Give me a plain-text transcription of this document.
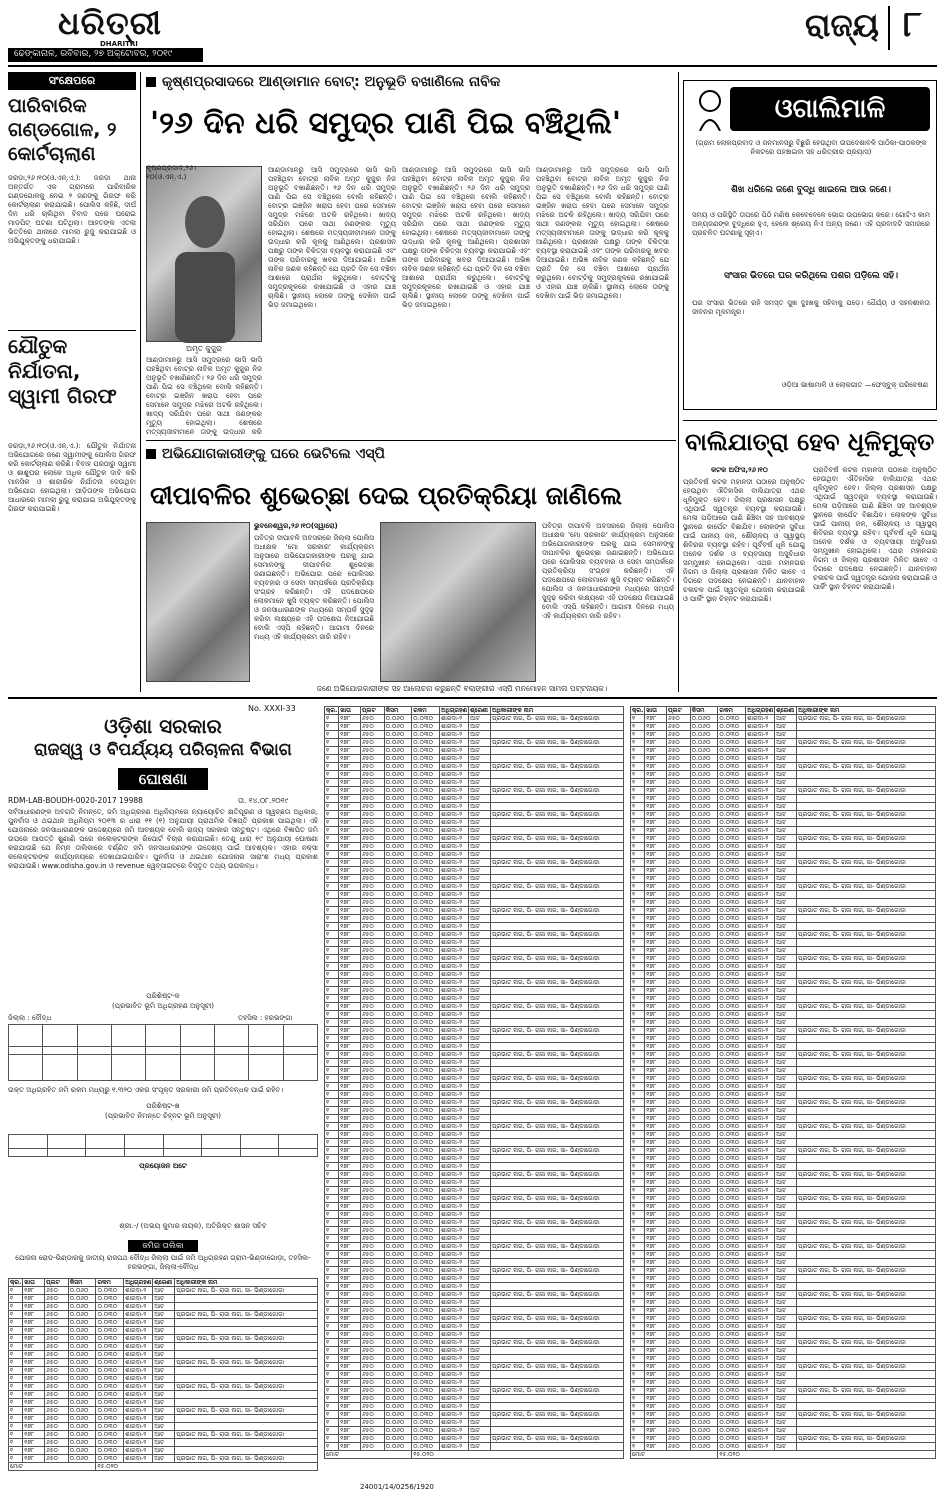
ଧରିତ୍ରୀ
DHARITRI
ଢେଙ୍କାନାଳ, ରବିବାର, ୨୭ ଅକ୍ଟୋବର, ୨୦୧୯
ରାଜ୍ୟ ୮
ସଂକ୍ଷେପରେ
ପାରିବାରିକ ଗଣ୍ଡଗୋଳ, ୨ କୋର୍ଟଚାଲାଣ
ଜରଡ଼ା,୨୬।୧୦(ଓ.ଏନ୍‌.ଏ.): ଜରଡ଼ା ଥାନା ଅନ୍ତର୍ଗତ ଏକ ଗ୍ରାମରେ ପାରିବାରିକ ଗଣ୍ଡଗୋଳକୁ ନେଇ ୨ ଜଣଙ୍କୁ ଗିରଫ କରି କୋର୍ଟଚାଲାଣ କରାଯାଇଛି। ପୋଲିସ କହିଛି, ଦୀର୍ଘ ଦିନ ଧରି ଚାଲିଥିବା ବିବାଦ ପରେ ଘରୋଇ ମାଡ଼ପିଟ୍ ଘଟଣା ଘଟିଥିଲା। ଆହତଙ୍କ ଏତଲା ଭିତ୍ତିରେ ଥାନାରେ ମାମଲା ରୁଜୁ କରାଯାଇଛି ଓ ଅଭିଯୁକ୍ତଙ୍କୁ ଧରାଯାଇଛି।
ଯୌତୁକ ନିର୍ଯାତନା, ସ୍ୱାମୀ ଗିରଫ
ଜରଡ଼ା,୨୬।୧୦(ଓ.ଏନ୍‌.ଏ.): ଯୌତୁକ ନିର୍ଯାତନା ଅଭିଯୋଗରେ ଜଣେ ସ୍ୱାମୀଙ୍କୁ ପୋଲିସ ଗିରଫ କରି କୋର୍ଟଚାଲାଣ କରିଛି। ବିବାହ ପରଠାରୁ ସ୍ୱାମୀ ଓ ଶାଶୁଘର ଲୋକେ ଅଧିକ ଯୌତୁକ ଦାବି କରି ମାନସିକ ଓ ଶାରୀରିକ ନିର୍ଯାତନା ଦେଉଥିବା ଅଭିଯୋଗ ହୋଇଥିଲା। ପୀଡ଼ିତାଙ୍କ ଅଭିଯୋଗ ଆଧାରରେ ମାମଲା ରୁଜୁ କରାଯାଇ ଅଭିଯୁକ୍ତଙ୍କୁ ଗିରଫ କରାଯାଇଛି।
କୃଷ୍ଣପ୍ରସାଦରେ ଆଣ୍ଡାମାନ ବୋଟ୍‌: ଅନୁଭୂତି ବଖାଣିଲେ ନାବିକ
'୨୬ ଦିନ ଧରି ସମୁଦ୍ର ପାଣି ପିଇ ବଞ୍ଚିଥିଲି'
ଅମୃତ କୁଜୁର
ଆଣ୍ଡାମାନରୁ ଆସି ସମୁଦ୍ରରେ ଭାସି ଭାସି ପହଞ୍ଚିଥିବା ବୋଟ୍‌ର ନାବିକ ଅମୃତ କୁଜୁର ନିଜ ଅନୁଭୂତି ବଖାଣିଛନ୍ତି। ୨୬ ଦିନ ଧରି ସମୁଦ୍ର ପାଣି ପିଇ ସେ ବଞ୍ଚିଥିଲେ ବୋଲି କହିଛନ୍ତି। ବୋଟ୍‌ର ଇଞ୍ଜିନ ଖରାପ ହେବା ପରେ ସେମାନେ ସମୁଦ୍ର ମଝିରେ ଅଟକି ରହିଥିଲେ। ଖାଦ୍ୟ ସରିଯିବା ପରେ ସାଥୀ ଜଣଙ୍କର ମୃତ୍ୟୁ ହୋଇଥିଲା। ଶେଷରେ ମତ୍ସ୍ୟଜୀବୀମାନେ ତାଙ୍କୁ ଉଦ୍ଧାର କରି
ଆଣ୍ଡାମାନରୁ ଆସି ସମୁଦ୍ରରେ ଭାସି ଭାସି ପହଞ୍ଚିଥିବା ବୋଟ୍‌ର ନାବିକ ଅମୃତ କୁଜୁର ନିଜ ଅନୁଭୂତି ବଖାଣିଛନ୍ତି। ୨୬ ଦିନ ଧରି ସମୁଦ୍ର ପାଣି ପିଇ ସେ ବଞ୍ଚିଥିଲେ ବୋଲି କହିଛନ୍ତି। ବୋଟ୍‌ର ଇଞ୍ଜିନ ଖରାପ ହେବା ପରେ ସେମାନେ ସମୁଦ୍ର ମଝିରେ ଅଟକି ରହିଥିଲେ। ଖାଦ୍ୟ ସରିଯିବା ପରେ ସାଥୀ ଜଣଙ୍କର ମୃତ୍ୟୁ ହୋଇଥିଲା। ଶେଷରେ ମତ୍ସ୍ୟଜୀବୀମାନେ ତାଙ୍କୁ ଉଦ୍ଧାର କରି କୂଳକୁ ଆଣିଥିଲେ। ପ୍ରଶାସନ ପକ୍ଷରୁ ତାଙ୍କ ଚିକିତ୍ସା ବ୍ୟବସ୍ଥା କରାଯାଇଛି ଏବଂ ତାଙ୍କ ପରିବାରକୁ ଖବର ଦିଆଯାଇଛି। ଅଭିଜ୍ଞ ନାବିକ ଜଣକ କହିଛନ୍ତି ଯେ ପ୍ରତି ଦିନ ସେ ବଞ୍ଚିବା ଆଶାରେ ପ୍ରାର୍ଥନା କରୁଥିଲେ। ବୋଟ୍‌ଟିକୁ ସମୁଦ୍ରକୂଳରେ ରଖାଯାଇଛି ଓ ଏହାର ଯାଞ୍ଚ ଚାଲିଛି। ସ୍ଥାନୀୟ ଲୋକେ ତାଙ୍କୁ ଦେଖିବା ପାଇଁ ଭିଡ଼ ଜମାଇଥିଲେ।
ଆଣ୍ଡାମାନରୁ ଆସି ସମୁଦ୍ରରେ ଭାସି ଭାସି ପହଞ୍ଚିଥିବା ବୋଟ୍‌ର ନାବିକ ଅମୃତ କୁଜୁର ନିଜ ଅନୁଭୂତି ବଖାଣିଛନ୍ତି। ୨୬ ଦିନ ଧରି ସମୁଦ୍ର ପାଣି ପିଇ ସେ ବଞ୍ଚିଥିଲେ ବୋଲି କହିଛନ୍ତି। ବୋଟ୍‌ର ଇଞ୍ଜିନ ଖରାପ ହେବା ପରେ ସେମାନେ ସମୁଦ୍ର ମଝିରେ ଅଟକି ରହିଥିଲେ। ଖାଦ୍ୟ ସରିଯିବା ପରେ ସାଥୀ ଜଣଙ୍କର ମୃତ୍ୟୁ ହୋଇଥିଲା। ଶେଷରେ ମତ୍ସ୍ୟଜୀବୀମାନେ ତାଙ୍କୁ ଉଦ୍ଧାର କରି କୂଳକୁ ଆଣିଥିଲେ। ପ୍ରଶାସନ ପକ୍ଷରୁ ତାଙ୍କ ଚିକିତ୍ସା ବ୍ୟବସ୍ଥା କରାଯାଇଛି ଏବଂ ତାଙ୍କ ପରିବାରକୁ ଖବର ଦିଆଯାଇଛି। ଅଭିଜ୍ଞ ନାବିକ ଜଣକ କହିଛନ୍ତି ଯେ ପ୍ରତି ଦିନ ସେ ବଞ୍ଚିବା ଆଶାରେ ପ୍ରାର୍ଥନା କରୁଥିଲେ। ବୋଟ୍‌ଟିକୁ ସମୁଦ୍ରକୂଳରେ ରଖାଯାଇଛି ଓ ଏହାର ଯାଞ୍ଚ ଚାଲିଛି। ସ୍ଥାନୀୟ ଲୋକେ ତାଙ୍କୁ ଦେଖିବା ପାଇଁ ଭିଡ଼ ଜମାଇଥିଲେ।
ଆଣ୍ଡାମାନରୁ ଆସି ସମୁଦ୍ରରେ ଭାସି ଭାସି ପହଞ୍ଚିଥିବା ବୋଟ୍‌ର ନାବିକ ଅମୃତ କୁଜୁର ନିଜ ଅନୁଭୂତି ବଖାଣିଛନ୍ତି। ୨୬ ଦିନ ଧରି ସମୁଦ୍ର ପାଣି ପିଇ ସେ ବଞ୍ଚିଥିଲେ ବୋଲି କହିଛନ୍ତି। ବୋଟ୍‌ର ଇଞ୍ଜିନ ଖରାପ ହେବା ପରେ ସେମାନେ ସମୁଦ୍ର ମଝିରେ ଅଟକି ରହିଥିଲେ। ଖାଦ୍ୟ ସରିଯିବା ପରେ ସାଥୀ ଜଣଙ୍କର ମୃତ୍ୟୁ ହୋଇଥିଲା। ଶେଷରେ ମତ୍ସ୍ୟଜୀବୀମାନେ ତାଙ୍କୁ ଉଦ୍ଧାର କରି କୂଳକୁ ଆଣିଥିଲେ। ପ୍ରଶାସନ ପକ୍ଷରୁ ତାଙ୍କ ଚିକିତ୍ସା ବ୍ୟବସ୍ଥା କରାଯାଇଛି ଏବଂ ତାଙ୍କ ପରିବାରକୁ ଖବର ଦିଆଯାଇଛି। ଅଭିଜ୍ଞ ନାବିକ ଜଣକ କହିଛନ୍ତି ଯେ ପ୍ରତି ଦିନ ସେ ବଞ୍ଚିବା ଆଶାରେ ପ୍ରାର୍ଥନା କରୁଥିଲେ। ବୋଟ୍‌ଟିକୁ ସମୁଦ୍ରକୂଳରେ ରଖାଯାଇଛି ଓ ଏହାର ଯାଞ୍ଚ ଚାଲିଛି। ସ୍ଥାନୀୟ ଲୋକେ ତାଙ୍କୁ ଦେଖିବା ପାଇଁ ଭିଡ଼ ଜମାଇଥିଲେ।
ଓଗାଲିମାଳି
(ଗ୍ରାମ ଲୋକପ୍ରବାଦ ଓ ଜନମାନସରୁ ବିଛୁରି ହେଉଥିବା ଉପଦେଶାବଳି ପାଠିକା-ପାଠକଙ୍କ ନିକଟରେ ପହଞ୍ଚାଇବା ସହ ଧରିତ୍ରୀର ପ୍ରୟାସ)
ଶିଖ ଧରିଲେ ଜଣେ ବୁଦ୍ଧି ଖାଇଲେ ଆଉ ଜଣେ।
ସମୟ ଓ ପରିସ୍ଥିତି ତାପରେ ପିଠି ମଣିଷ କେବେବେଳେ ଭୋଗ ଉପଭୋଗ କରେ। ଗୋଟିଏ କାମ ଅନ୍ୟଜଣଙ୍କ ବୁଦ୍ଧିରେ ହୁଏ, ହେଲେ ଶ୍ରେୟ ନିଏ ଅନ୍ୟ ଜଣେ। ଏହି ପ୍ରବାଦଟି ସମାଜରେ ପ୍ରଚଳିତ ଘଟଣାକୁ ସୂଚାଏ।
ସଂସାର ଭିତରେ ଘର କରିଥିଲେ ପଶର ପଡ଼ିଲେ ସହି।
ଘର ସଂସାର ଭିତରେ ରହି ସମସ୍ତ ସୁଖ ଦୁଃଖକୁ ସହିବାକୁ ପଡ଼େ। ଧୈର୍ଯ୍ୟ ଓ ସହନଶୀଳତା ଜୀବନର ମୂଳମନ୍ତ୍ର।
ଓଡ଼ିଆ ଭାଷାମାଳି ଓ ଲୋକଗୀତ —ଫେସ୍‌ବୁକ୍‌ ପରିବେଷଣ
ଅଭିଯୋଗକାରୀଙ୍କୁ ଘରେ ଭେଟିଲେ ଏସ୍‌ପି
ଦୀପାବଳିର ଶୁଭେଚ୍ଛା ଦେଇ ପ୍ରତିକ୍ରିୟା ଜାଣିଲେ
ଭୁବନେଶ୍ୱର,୨୬।୧୦(ସ୍ୱାରୋ)
ପବିତ୍ର ଦୀପାବଳି ଅବସରରେ ଜିଲ୍ଲା ପୋଲିସ ଅଧୀକ୍ଷକ 'ମୋ ସରକାର' କାର୍ଯ୍ୟକ୍ରମ ଅନୁସାରେ ଅଭିଯୋଗକାରୀଙ୍କ ଘରକୁ ଯାଇ ସେମାନଙ୍କୁ ଦୀପାବଳିର ଶୁଭେଚ୍ଛା ଜଣାଇଛନ୍ତି। ଅଭିଯୋଗ ପରେ ପୋଲିସର ବ୍ୟବହାର ଓ ସେବା ସମ୍ପର୍କରେ ପ୍ରତିକ୍ରିୟା ସଂଗ୍ରହ କରିଛନ୍ତି। ଏହି ପଦକ୍ଷେପରେ ଲୋକମାନେ ଖୁସି ବ୍ୟକ୍ତ କରିଛନ୍ତି। ପୋଲିସ ଓ ଜନସାଧାରଣଙ୍କ ମଧ୍ୟରେ ସମ୍ପର୍କ ସୁଦୃଢ଼ କରିବା ଲକ୍ଷ୍ୟରେ ଏହି ପଦକ୍ଷେପ ନିଆଯାଇଛି ବୋଲି ଏସ୍‌ପି କହିଛନ୍ତି। ଆଗାମୀ ଦିନରେ ମଧ୍ୟ ଏହି କାର୍ଯ୍ୟକ୍ରମ ଜାରି ରହିବ।
ପବିତ୍ର ଦୀପାବଳି ଅବସରରେ ଜିଲ୍ଲା ପୋଲିସ ଅଧୀକ୍ଷକ 'ମୋ ସରକାର' କାର୍ଯ୍ୟକ୍ରମ ଅନୁସାରେ ଅଭିଯୋଗକାରୀଙ୍କ ଘରକୁ ଯାଇ ସେମାନଙ୍କୁ ଦୀପାବଳିର ଶୁଭେଚ୍ଛା ଜଣାଇଛନ୍ତି। ଅଭିଯୋଗ ପରେ ପୋଲିସର ବ୍ୟବହାର ଓ ସେବା ସମ୍ପର୍କରେ ପ୍ରତିକ୍ରିୟା ସଂଗ୍ରହ କରିଛନ୍ତି। ଏହି ପଦକ୍ଷେପରେ ଲୋକମାନେ ଖୁସି ବ୍ୟକ୍ତ କରିଛନ୍ତି। ପୋଲିସ ଓ ଜନସାଧାରଣଙ୍କ ମଧ୍ୟରେ ସମ୍ପର୍କ ସୁଦୃଢ଼ କରିବା ଲକ୍ଷ୍ୟରେ ଏହି ପଦକ୍ଷେପ ନିଆଯାଇଛି ବୋଲି ଏସ୍‌ପି କହିଛନ୍ତି। ଆଗାମୀ ଦିନରେ ମଧ୍ୟ ଏହି କାର୍ଯ୍ୟକ୍ରମ ଜାରି ରହିବ।
ଜଣେ ଅଭିଯୋଗକାରୀଙ୍କ ସହ ଆଲୋଚନା କରୁଛନ୍ତି ବଲାଙ୍ଗୀର ଏସ୍‌ପି ମନମୋହନ ସାମଲ ପଟ୍ଟନାୟକ।
ବାଲିଯାତ୍ରା ହେବ ଧୂଳିମୁକ୍ତ
କଟକ ଅଫିସ,୨୬।୧୦
ପ୍ରତିବର୍ଷ କଟକ ମହାନଦୀ ପଠାରେ ଅନୁଷ୍ଠିତ ହେଉଥିବା ଐତିହାସିକ ବାଲିଯାତ୍ରା ଏଥର ଧୂଳିମୁକ୍ତ ହେବ। ଜିଲ୍ଲା ପ୍ରଶାସନ ପକ୍ଷରୁ ଏଥିପାଇଁ ସ୍ୱତନ୍ତ୍ର ବ୍ୟବସ୍ଥା କରାଯାଉଛି। ମେଳା ପଡ଼ିଆରେ ପାଣି ଛିଞ୍ଚିବା ସହ ଆବଶ୍ୟକ ସ୍ଥାନରେ କାର୍ପେଟ ବିଛାଯିବ। ଲୋକଙ୍କ ସୁବିଧା ପାଇଁ ପାନୀୟ ଜଳ, ଶୌଚାଳୟ ଓ ସ୍ୱାସ୍ଥ୍ୟ ଶିବିରର ବ୍ୟବସ୍ଥା ରହିବ। ପୂର୍ବବର୍ଷ ଧୂଳି ଯୋଗୁ ଅନେକ ଦର୍ଶକ ଓ ବ୍ୟବସାୟୀ ଅସୁବିଧାର ସମ୍ମୁଖୀନ ହୋଇଥିଲେ। ଏଥର ମହାନଗର ନିଗମ ଓ ଜିଲ୍ଲା ପ୍ରଶାସନ ମିଳିତ ଭାବେ ଏ ଦିଗରେ ପଦକ୍ଷେପ ନେଇଛନ୍ତି। ଯାନବାହାନ ଚଳାଚଳ ପାଇଁ ସ୍ୱତନ୍ତ୍ର ଯୋଜନା କରାଯାଇଛି ଓ ପାର୍କିଂ ସ୍ଥାନ ଚିହ୍ନଟ କରାଯାଇଛି।
ପ୍ରତିବର୍ଷ କଟକ ମହାନଦୀ ପଠାରେ ଅନୁଷ୍ଠିତ ହେଉଥିବା ଐତିହାସିକ ବାଲିଯାତ୍ରା ଏଥର ଧୂଳିମୁକ୍ତ ହେବ। ଜିଲ୍ଲା ପ୍ରଶାସନ ପକ୍ଷରୁ ଏଥିପାଇଁ ସ୍ୱତନ୍ତ୍ର ବ୍ୟବସ୍ଥା କରାଯାଉଛି। ମେଳା ପଡ଼ିଆରେ ପାଣି ଛିଞ୍ଚିବା ସହ ଆବଶ୍ୟକ ସ୍ଥାନରେ କାର୍ପେଟ ବିଛାଯିବ। ଲୋକଙ୍କ ସୁବିଧା ପାଇଁ ପାନୀୟ ଜଳ, ଶୌଚାଳୟ ଓ ସ୍ୱାସ୍ଥ୍ୟ ଶିବିରର ବ୍ୟବସ୍ଥା ରହିବ। ପୂର୍ବବର୍ଷ ଧୂଳି ଯୋଗୁ ଅନେକ ଦର୍ଶକ ଓ ବ୍ୟବସାୟୀ ଅସୁବିଧାର ସମ୍ମୁଖୀନ ହୋଇଥିଲେ। ଏଥର ମହାନଗର ନିଗମ ଓ ଜିଲ୍ଲା ପ୍ରଶାସନ ମିଳିତ ଭାବେ ଏ ଦିଗରେ ପଦକ୍ଷେପ ନେଇଛନ୍ତି। ଯାନବାହାନ ଚଳାଚଳ ପାଇଁ ସ୍ୱତନ୍ତ୍ର ଯୋଜନା କରାଯାଇଛି ଓ ପାର୍କିଂ ସ୍ଥାନ ଚିହ୍ନଟ କରାଯାଇଛି।
No. XXXI-33
ଓଡ଼ିଶା ସରକାର
ରାଜସ୍ୱ ଓ ବିପର୍ଯ୍ୟୟ ପରିଚାଳନା ବିଭାଗ
ଘୋଷଣା
RDM-LAB-BOUDH-0020-2017 19988	ତା. ୧୪.୦୮.୨୦୧୯
ସର୍ବସାଧାରଣଙ୍କ ଅବଗତି ନିମନ୍ତେ, ଜମି ଅଧିଗ୍ରହଣ ଅଧିନିୟମରେ ନ୍ୟାୟୋଚିତ କ୍ଷତିପୂରଣ ଓ ସ୍ୱଚ୍ଛତା ଅଧିକାର, ପୁନର୍ବାସ ଓ ଥଇଥାନ ଅଧିନିୟମ ୨୦୧୩ ର ଧାରା ୧୧ (୧) ଅନୁଯାୟୀ ପ୍ରାଥମିକ ବିଜ୍ଞପ୍ତି ପ୍ରକାଶ ପାଇଥିଲା। ଏହି ଯୋଜନାରେ ଜନସାଧାରଣଙ୍କ ଉଦ୍ଦେଶ୍ୟରେ ଜମି ଆବଶ୍ୟକ ବୋଲି ରାଜ୍ୟ ସରକାର ସନ୍ତୁଷ୍ଟ। ଏଥିରେ ବିଜ୍ଞାପିତ ଜମି ଉପରେ ଆପତ୍ତି ଶୁଣାଣି ପରେ କଲେକ୍ଟରଙ୍କ ରିପୋର୍ଟ ବିଚାର କରାଯାଇଛି। ତେଣୁ ଧାରା ୧୯ ଅନୁଯାୟୀ ଘୋଷଣା କରାଯାଉଛି ଯେ ନିମ୍ନ ତାଲିକାରେ ବର୍ଣ୍ଣିତ ଜମି ଜନସାଧାରଣଙ୍କ ଉଦ୍ଦେଶ୍ୟ ପାଇଁ ଆବଶ୍ୟକ। ଏହାର ନକ୍‌ସା କଲେକ୍ଟରଙ୍କ କାର୍ଯ୍ୟାଳୟରେ ଦେଖାଯାଇପାରିବ। ପୁନର୍ବାସ ଓ ଥଇଥାନ ଯୋଜନାର ସାରାଂଶ ମଧ୍ୟ ପ୍ରକାଶ କରାଯାଉଛି। www.odisha.gov.in ଓ revenue ୱେବ୍‌ସାଇଟ୍‌ରେ ବିସ୍ତୃତ ତଥ୍ୟ ଉପଲବ୍ଧ।
ପରିଶିଷ୍ଟ-କ
(ପ୍ରଭାବିତ ଭୂମି ଅଧିଗ୍ରହଣ ଅନୁସୂଚୀ)
ଜିଲ୍ଲା : ବୌଦ୍ଧ	ତହସିଲ : ହରଭଙ୍ଗା

ଉକ୍ତ ଅଧିଗ୍ରହିତ ଜମି ରକମ ମଧ୍ୟରୁ ୧.୩୨୦ ଏକର ସଂପୃକ୍ତ ସରକାରୀ ଜମି ପ୍ରତିବନ୍ଧକ ପାଇଁ ରହିବ।
ପରିଶିଷ୍ଟ-ଖ
(ପ୍ରଭାବିତ ନିମନ୍ତେ ଚିହ୍ନଟ ଭୂମି ଅନୁସୂଚୀ)

ପ୍ରୟୋଜନ ଅଟେ
ଶ୍ରୀ.-/ (ଅଭୟ କୁମାର ନାୟକ), ଅତିରିକ୍ତ ଶାସନ ସଚିବ
ଜମିର ତାଲିକା
ଯୋଜନା ରୋଡ-ଭିଣ୍ଡାରକୁ ଜାତୀୟ ରାଜପଥ ବୌଦ୍ଧ ଜିଲ୍ଲା ପାଇଁ ଜମି ଅଧିଗ୍ରହଣ ଗ୍ରାମ-ଭିଣ୍ଡାଗୋଡ଼ା, ତହସିଲ-ହରଭଙ୍ଗା, ଜିଲ୍ଲା-ବୌଦ୍ଧ
କ୍ର.	ଖାତା	ପ୍ଲଟ	କିସମ	ରକମ	ଅଧିଗ୍ରହଣ	ଶ୍ରେଣୀ	ଅଧିକାରୀଙ୍କ ନାମ
୧	୧୭୮	୬୫୦	୦.୦୬୦	୦.୦୩୦	ଶାରଦା-୨	ଆଟ	ପ୍ରଭାତ ନାଗ, ପି- ରାଜା ନାଗ, ସା- ଭିଣ୍ଡାଗୋଡ଼ା
୧	୧୭୮	୬୫୦	୦.୦୬୦	୦.୦୩୦	ଶାରଦା-୨	ଆଟ	
୧	୧୭୮	୬୫୦	୦.୦୬୦	୦.୦୩୦	ଶାରଦା-୨	ଆଟ	
୧	୧୭୮	୬୫୦	୦.୦୬୦	୦.୦୩୦	ଶାରଦା-୨	ଆଟ	ପ୍ରଭାତ ନାଗ, ପି- ରାଜା ନାଗ, ସା- ଭିଣ୍ଡାଗୋଡ଼ା
୧	୧୭୮	୬୫୦	୦.୦୬୦	୦.୦୩୦	ଶାରଦା-୨	ଆଟ	
୧	୧୭୮	୬୫୦	୦.୦୬୦	୦.୦୩୦	ଶାରଦା-୨	ଆଟ	
୧	୧୭୮	୬୫୦	୦.୦୬୦	୦.୦୩୦	ଶାରଦା-୨	ଆଟ	ପ୍ରଭାତ ନାଗ, ପି- ରାଜା ନାଗ, ସା- ଭିଣ୍ଡାଗୋଡ଼ା
୧	୧୭୮	୬୫୦	୦.୦୬୦	୦.୦୩୦	ଶାରଦା-୨	ଆଟ	
୧	୧୭୮	୬୫୦	୦.୦୬୦	୦.୦୩୦	ଶାରଦା-୨	ଆଟ	
୧	୧୭୮	୬୫୦	୦.୦୬୦	୦.୦୩୦	ଶାରଦା-୨	ଆଟ	ପ୍ରଭାତ ନାଗ, ପି- ରାଜା ନାଗ, ସା- ଭିଣ୍ଡାଗୋଡ଼ା
୧	୧୭୮	୬୫୦	୦.୦୬୦	୦.୦୩୦	ଶାରଦା-୨	ଆଟ	
୧	୧୭୮	୬୫୦	୦.୦୬୦	୦.୦୩୦	ଶାରଦା-୨	ଆଟ	
୧	୧୭୮	୬୫୦	୦.୦୬୦	୦.୦୩୦	ଶାରଦା-୨	ଆଟ	ପ୍ରଭାତ ନାଗ, ପି- ରାଜା ନାଗ, ସା- ଭିଣ୍ଡାଗୋଡ଼ା
୧	୧୭୮	୬୫୦	୦.୦୬୦	୦.୦୩୦	ଶାରଦା-୨	ଆଟ	
୧	୧୭୮	୬୫୦	୦.୦୬୦	୦.୦୩୦	ଶାରଦା-୨	ଆଟ	
୧	୧୭୮	୬୫୦	୦.୦୬୦	୦.୦୩୦	ଶାରଦା-୨	ଆଟ	ପ୍ରଭାତ ନାଗ, ପି- ରାଜା ନାଗ, ସା- ଭିଣ୍ଡାଗୋଡ଼ା
୧	୧୭୮	୬୫୦	୦.୦୬୦	୦.୦୩୦	ଶାରଦା-୨	ଆଟ	
୧	୧୭୮	୬୫୦	୦.୦୬୦	୦.୦୩୦	ଶାରଦା-୨	ଆଟ	
୧	୧୭୮	୬୫୦	୦.୦୬୦	୦.୦୩୦	ଶାରଦା-୨	ଆଟ	ପ୍ରଭାତ ନାଗ, ପି- ରାଜା ନାଗ, ସା- ଭିଣ୍ଡାଗୋଡ଼ା
୧	୧୭୮	୬୫୦	୦.୦୬୦	୦.୦୩୦	ଶାରଦା-୨	ଆଟ	
୧	୧୭୮	୬୫୦	୦.୦୬୦	୦.୦୩୦	ଶାରଦା-୨	ଆଟ	
୧	୧୭୮	୬୫୦	୦.୦୬୦	୦.୦୩୦	ଶାରଦା-୨	ଆଟ	ପ୍ରଭାତ ନାଗ, ପି- ରାଜା ନାଗ, ସା- ଭିଣ୍ଡାଗୋଡ଼ା
ମୋଟ				୧୫.୦୨୦			
କ୍ର.	ଖାତା	ପ୍ଲଟ	କିସମ	ରକମ	ଅଧିଗ୍ରହଣ	ଶ୍ରେଣୀ	ଅଧିକାରୀଙ୍କ ନାମ
୧	୧୭୮	୬୫୦	୦.୦୬୦	୦.୦୩୦	ଶାରଦା-୨	ଆଟ	ପ୍ରଭାତ ନାଗ, ପି- ରାଜା ନାଗ, ସା- ଭିଣ୍ଡାଗୋଡ଼ା
୧	୧୭୮	୬୫୦	୦.୦୬୦	୦.୦୩୦	ଶାରଦା-୨	ଆଟ	
୧	୧୭୮	୬୫୦	୦.୦୬୦	୦.୦୩୦	ଶାରଦା-୨	ଆଟ	
୧	୧୭୮	୬୫୦	୦.୦୬୦	୦.୦୩୦	ଶାରଦା-୨	ଆଟ	ପ୍ରଭାତ ନାଗ, ପି- ରାଜା ନାଗ, ସା- ଭିଣ୍ଡାଗୋଡ଼ା
୧	୧୭୮	୬୫୦	୦.୦୬୦	୦.୦୩୦	ଶାରଦା-୨	ଆଟ	
୧	୧୭୮	୬୫୦	୦.୦୬୦	୦.୦୩୦	ଶାରଦା-୨	ଆଟ	
୧	୧୭୮	୬୫୦	୦.୦୬୦	୦.୦୩୦	ଶାରଦା-୨	ଆଟ	ପ୍ରଭାତ ନାଗ, ପି- ରାଜା ନାଗ, ସା- ଭିଣ୍ଡାଗୋଡ଼ା
୧	୧୭୮	୬୫୦	୦.୦୬୦	୦.୦୩୦	ଶାରଦା-୨	ଆଟ	
୧	୧୭୮	୬୫୦	୦.୦୬୦	୦.୦୩୦	ଶାରଦା-୨	ଆଟ	
୧	୧୭୮	୬୫୦	୦.୦୬୦	୦.୦୩୦	ଶାରଦା-୨	ଆଟ	ପ୍ରଭାତ ନାଗ, ପି- ରାଜା ନାଗ, ସା- ଭିଣ୍ଡାଗୋଡ଼ା
୧	୧୭୮	୬୫୦	୦.୦୬୦	୦.୦୩୦	ଶାରଦା-୨	ଆଟ	
୧	୧୭୮	୬୫୦	୦.୦୬୦	୦.୦୩୦	ଶାରଦା-୨	ଆଟ	
୧	୧୭୮	୬୫୦	୦.୦୬୦	୦.୦୩୦	ଶାରଦା-୨	ଆଟ	ପ୍ରଭାତ ନାଗ, ପି- ରାଜା ନାଗ, ସା- ଭିଣ୍ଡାଗୋଡ଼ା
୧	୧୭୮	୬୫୦	୦.୦୬୦	୦.୦୩୦	ଶାରଦା-୨	ଆଟ	
୧	୧୭୮	୬୫୦	୦.୦୬୦	୦.୦୩୦	ଶାରଦା-୨	ଆଟ	
୧	୧୭୮	୬୫୦	୦.୦୬୦	୦.୦୩୦	ଶାରଦା-୨	ଆଟ	ପ୍ରଭାତ ନାଗ, ପି- ରାଜା ନାଗ, ସା- ଭିଣ୍ଡାଗୋଡ଼ା
୧	୧୭୮	୬୫୦	୦.୦୬୦	୦.୦୩୦	ଶାରଦା-୨	ଆଟ	
୧	୧୭୮	୬୫୦	୦.୦୬୦	୦.୦୩୦	ଶାରଦା-୨	ଆଟ	
୧	୧୭୮	୬୫୦	୦.୦୬୦	୦.୦୩୦	ଶାରଦା-୨	ଆଟ	ପ୍ରଭାତ ନାଗ, ପି- ରାଜା ନାଗ, ସା- ଭିଣ୍ଡାଗୋଡ଼ା
୧	୧୭୮	୬୫୦	୦.୦୬୦	୦.୦୩୦	ଶାରଦା-୨	ଆଟ	
୧	୧୭୮	୬୫୦	୦.୦୬୦	୦.୦୩୦	ଶାରଦା-୨	ଆଟ	
୧	୧୭୮	୬୫୦	୦.୦୬୦	୦.୦୩୦	ଶାରଦା-୨	ଆଟ	ପ୍ରଭାତ ନାଗ, ପି- ରାଜା ନାଗ, ସା- ଭିଣ୍ଡାଗୋଡ଼ା
୧	୧୭୮	୬୫୦	୦.୦୬୦	୦.୦୩୦	ଶାରଦା-୨	ଆଟ	
୧	୧୭୮	୬୫୦	୦.୦୬୦	୦.୦୩୦	ଶାରଦା-୨	ଆଟ	
୧	୧୭୮	୬୫୦	୦.୦୬୦	୦.୦୩୦	ଶାରଦା-୨	ଆଟ	ପ୍ରଭାତ ନାଗ, ପି- ରାଜା ନାଗ, ସା- ଭିଣ୍ଡାଗୋଡ଼ା
୧	୧୭୮	୬୫୦	୦.୦୬୦	୦.୦୩୦	ଶାରଦା-୨	ଆଟ	
୧	୧୭୮	୬୫୦	୦.୦୬୦	୦.୦୩୦	ଶାରଦା-୨	ଆଟ	
୧	୧୭୮	୬୫୦	୦.୦୬୦	୦.୦୩୦	ଶାରଦା-୨	ଆଟ	ପ୍ରଭାତ ନାଗ, ପି- ରାଜା ନାଗ, ସା- ଭିଣ୍ଡାଗୋଡ଼ା
୧	୧୭୮	୬୫୦	୦.୦୬୦	୦.୦୩୦	ଶାରଦା-୨	ଆଟ	
୧	୧୭୮	୬୫୦	୦.୦୬୦	୦.୦୩୦	ଶାରଦା-୨	ଆଟ	
୧	୧୭୮	୬୫୦	୦.୦୬୦	୦.୦୩୦	ଶାରଦା-୨	ଆଟ	ପ୍ରଭାତ ନାଗ, ପି- ରାଜା ନାଗ, ସା- ଭିଣ୍ଡାଗୋଡ଼ା
୧	୧୭୮	୬୫୦	୦.୦୬୦	୦.୦୩୦	ଶାରଦା-୨	ଆଟ	
୧	୧୭୮	୬୫୦	୦.୦୬୦	୦.୦୩୦	ଶାରଦା-୨	ଆଟ	
୧	୧୭୮	୬୫୦	୦.୦୬୦	୦.୦୩୦	ଶାରଦା-୨	ଆଟ	ପ୍ରଭାତ ନାଗ, ପି- ରାଜା ନାଗ, ସା- ଭିଣ୍ଡାଗୋଡ଼ା
୧	୧୭୮	୬୫୦	୦.୦୬୦	୦.୦୩୦	ଶାରଦା-୨	ଆଟ	
୧	୧୭୮	୬୫୦	୦.୦୬୦	୦.୦୩୦	ଶାରଦା-୨	ଆଟ	
୧	୧୭୮	୬୫୦	୦.୦୬୦	୦.୦୩୦	ଶାରଦା-୨	ଆଟ	ପ୍ରଭାତ ନାଗ, ପି- ରାଜା ନାଗ, ସା- ଭିଣ୍ଡାଗୋଡ଼ା
୧	୧୭୮	୬୫୦	୦.୦୬୦	୦.୦୩୦	ଶାରଦା-୨	ଆଟ	
୧	୧୭୮	୬୫୦	୦.୦୬୦	୦.୦୩୦	ଶାରଦା-୨	ଆଟ	
୧	୧୭୮	୬୫୦	୦.୦୬୦	୦.୦୩୦	ଶାରଦା-୨	ଆଟ	ପ୍ରଭାତ ନାଗ, ପି- ରାଜା ନାଗ, ସା- ଭିଣ୍ଡାଗୋଡ଼ା
୧	୧୭୮	୬୫୦	୦.୦୬୦	୦.୦୩୦	ଶାରଦା-୨	ଆଟ	
୧	୧୭୮	୬୫୦	୦.୦୬୦	୦.୦୩୦	ଶାରଦା-୨	ଆଟ	
୧	୧୭୮	୬୫୦	୦.୦୬୦	୦.୦୩୦	ଶାରଦା-୨	ଆଟ	ପ୍ରଭାତ ନାଗ, ପି- ରାଜା ନାଗ, ସା- ଭିଣ୍ଡାଗୋଡ଼ା
୧	୧୭୮	୬୫୦	୦.୦୬୦	୦.୦୩୦	ଶାରଦା-୨	ଆଟ	
୧	୧୭୮	୬୫୦	୦.୦୬୦	୦.୦୩୦	ଶାରଦା-୨	ଆଟ	
୧	୧୭୮	୬୫୦	୦.୦୬୦	୦.୦୩୦	ଶାରଦା-୨	ଆଟ	ପ୍ରଭାତ ନାଗ, ପି- ରାଜା ନାଗ, ସା- ଭିଣ୍ଡାଗୋଡ଼ା
୧	୧୭୮	୬୫୦	୦.୦୬୦	୦.୦୩୦	ଶାରଦା-୨	ଆଟ	
୧	୧୭୮	୬୫୦	୦.୦୬୦	୦.୦୩୦	ଶାରଦା-୨	ଆଟ	
୧	୧୭୮	୬୫୦	୦.୦୬୦	୦.୦୩୦	ଶାରଦା-୨	ଆଟ	ପ୍ରଭାତ ନାଗ, ପି- ରାଜା ନାଗ, ସା- ଭିଣ୍ଡାଗୋଡ଼ା
୧	୧୭୮	୬୫୦	୦.୦୬୦	୦.୦୩୦	ଶାରଦା-୨	ଆଟ	
୧	୧୭୮	୬୫୦	୦.୦୬୦	୦.୦୩୦	ଶାରଦା-୨	ଆଟ	
୧	୧୭୮	୬୫୦	୦.୦୬୦	୦.୦୩୦	ଶାରଦା-୨	ଆଟ	ପ୍ରଭାତ ନାଗ, ପି- ରାଜା ନାଗ, ସା- ଭିଣ୍ଡାଗୋଡ଼ା
୧	୧୭୮	୬୫୦	୦.୦୬୦	୦.୦୩୦	ଶାରଦା-୨	ଆଟ	
୧	୧୭୮	୬୫୦	୦.୦୬୦	୦.୦୩୦	ଶାରଦା-୨	ଆଟ	
୧	୧୭୮	୬୫୦	୦.୦୬୦	୦.୦୩୦	ଶାରଦା-୨	ଆଟ	ପ୍ରଭାତ ନାଗ, ପି- ରାଜା ନାଗ, ସା- ଭିଣ୍ଡାଗୋଡ଼ା
୧	୧୭୮	୬୫୦	୦.୦୬୦	୦.୦୩୦	ଶାରଦା-୨	ଆଟ	
୧	୧୭୮	୬୫୦	୦.୦୬୦	୦.୦୩୦	ଶାରଦା-୨	ଆଟ	
୧	୧୭୮	୬୫୦	୦.୦୬୦	୦.୦୩୦	ଶାରଦା-୨	ଆଟ	ପ୍ରଭାତ ନାଗ, ପି- ରାଜା ନାଗ, ସା- ଭିଣ୍ଡାଗୋଡ଼ା
୧	୧୭୮	୬୫୦	୦.୦୬୦	୦.୦୩୦	ଶାରଦା-୨	ଆଟ	
୧	୧୭୮	୬୫୦	୦.୦୬୦	୦.୦୩୦	ଶାରଦା-୨	ଆଟ	
୧	୧୭୮	୬୫୦	୦.୦୬୦	୦.୦୩୦	ଶାରଦା-୨	ଆଟ	ପ୍ରଭାତ ନାଗ, ପି- ରାଜା ନାଗ, ସା- ଭିଣ୍ଡାଗୋଡ଼ା
୧	୧୭୮	୬୫୦	୦.୦୬୦	୦.୦୩୦	ଶାରଦା-୨	ଆଟ	
୧	୧୭୮	୬୫୦	୦.୦୬୦	୦.୦୩୦	ଶାରଦା-୨	ଆଟ	
୧	୧୭୮	୬୫୦	୦.୦୬୦	୦.୦୩୦	ଶାରଦା-୨	ଆଟ	ପ୍ରଭାତ ନାଗ, ପି- ରାଜା ନାଗ, ସା- ଭିଣ୍ଡାଗୋଡ଼ା
୧	୧୭୮	୬୫୦	୦.୦୬୦	୦.୦୩୦	ଶାରଦା-୨	ଆଟ	
୧	୧୭୮	୬୫୦	୦.୦୬୦	୦.୦୩୦	ଶାରଦା-୨	ଆଟ	
୧	୧୭୮	୬୫୦	୦.୦୬୦	୦.୦୩୦	ଶାରଦା-୨	ଆଟ	ପ୍ରଭାତ ନାଗ, ପି- ରାଜା ନାଗ, ସା- ଭିଣ୍ଡାଗୋଡ଼ା
୧	୧୭୮	୬୫୦	୦.୦୬୦	୦.୦୩୦	ଶାରଦା-୨	ଆଟ	
୧	୧୭୮	୬୫୦	୦.୦୬୦	୦.୦୩୦	ଶାରଦା-୨	ଆଟ	
୧	୧୭୮	୬୫୦	୦.୦୬୦	୦.୦୩୦	ଶାରଦା-୨	ଆଟ	ପ୍ରଭାତ ନାଗ, ପି- ରାଜା ନାଗ, ସା- ଭିଣ୍ଡାଗୋଡ଼ା
୧	୧୭୮	୬୫୦	୦.୦୬୦	୦.୦୩୦	ଶାରଦା-୨	ଆଟ	
୧	୧୭୮	୬୫୦	୦.୦୬୦	୦.୦୩୦	ଶାରଦା-୨	ଆଟ	
୧	୧୭୮	୬୫୦	୦.୦୬୦	୦.୦୩୦	ଶାରଦା-୨	ଆଟ	ପ୍ରଭାତ ନାଗ, ପି- ରାଜା ନାଗ, ସା- ଭିଣ୍ଡାଗୋଡ଼ା
୧	୧୭୮	୬୫୦	୦.୦୬୦	୦.୦୩୦	ଶାରଦା-୨	ଆଟ	
୧	୧୭୮	୬୫୦	୦.୦୬୦	୦.୦୩୦	ଶାରଦା-୨	ଆଟ	
୧	୧୭୮	୬୫୦	୦.୦୬୦	୦.୦୩୦	ଶାରଦା-୨	ଆଟ	ପ୍ରଭାତ ନାଗ, ପି- ରାଜା ନାଗ, ସା- ଭିଣ୍ଡାଗୋଡ଼ା
୧	୧୭୮	୬୫୦	୦.୦୬୦	୦.୦୩୦	ଶାରଦା-୨	ଆଟ	
୧	୧୭୮	୬୫୦	୦.୦୬୦	୦.୦୩୦	ଶାରଦା-୨	ଆଟ	
୧	୧୭୮	୬୫୦	୦.୦୬୦	୦.୦୩୦	ଶାରଦା-୨	ଆଟ	ପ୍ରଭାତ ନାଗ, ପି- ରାଜା ନାଗ, ସା- ଭିଣ୍ଡାଗୋଡ଼ା
୧	୧୭୮	୬୫୦	୦.୦୬୦	୦.୦୩୦	ଶାରଦା-୨	ଆଟ	
୧	୧୭୮	୬୫୦	୦.୦୬୦	୦.୦୩୦	ଶାରଦା-୨	ଆଟ	
୧	୧୭୮	୬୫୦	୦.୦୬୦	୦.୦୩୦	ଶାରଦା-୨	ଆଟ	ପ୍ରଭାତ ନାଗ, ପି- ରାଜା ନାଗ, ସା- ଭିଣ୍ଡାଗୋଡ଼ା
୧	୧୭୮	୬୫୦	୦.୦୬୦	୦.୦୩୦	ଶାରଦା-୨	ଆଟ	
୧	୧୭୮	୬୫୦	୦.୦୬୦	୦.୦୩୦	ଶାରଦା-୨	ଆଟ	
୧	୧୭୮	୬୫୦	୦.୦୬୦	୦.୦୩୦	ଶାରଦା-୨	ଆଟ	ପ୍ରଭାତ ନାଗ, ପି- ରାଜା ନାଗ, ସା- ଭିଣ୍ଡାଗୋଡ଼ା
୧	୧୭୮	୬୫୦	୦.୦୬୦	୦.୦୩୦	ଶାରଦା-୨	ଆଟ	
୧	୧୭୮	୬୫୦	୦.୦୬୦	୦.୦୩୦	ଶାରଦା-୨	ଆଟ	
୧	୧୭୮	୬୫୦	୦.୦୬୦	୦.୦୩୦	ଶାରଦା-୨	ଆଟ	ପ୍ରଭାତ ନାଗ, ପି- ରାଜା ନାଗ, ସା- ଭିଣ୍ଡାଗୋଡ଼ା
୧	୧୭୮	୬୫୦	୦.୦୬୦	୦.୦୩୦	ଶାରଦା-୨	ଆଟ	
୧	୧୭୮	୬୫୦	୦.୦୬୦	୦.୦୩୦	ଶାରଦା-୨	ଆଟ	
୧	୧୭୮	୬୫୦	୦.୦୬୦	୦.୦୩୦	ଶାରଦା-୨	ଆଟ	ପ୍ରଭାତ ନାଗ, ପି- ରାଜା ନାଗ, ସା- ଭିଣ୍ଡାଗୋଡ଼ା
୧	୧୭୮	୬୫୦	୦.୦୬୦	୦.୦୩୦	ଶାରଦା-୨	ଆଟ	
ମୋଟ				୧୫.୦୨୦			
24001/14/0256/1920
କ୍ର.	ଖାତା	ପ୍ଲଟ	କିସମ	ରକମ	ଅଧିଗ୍ରହଣ	ଶ୍ରେଣୀ	ଅଧିକାରୀଙ୍କ ନାମ
୧	୧୭୮	୬୫୦	୦.୦୬୦	୦.୦୩୦	ଶାରଦା-୨	ଆଟ	ପ୍ରଭାତ ନାଗ, ପି- ରାଜା ନାଗ, ସା- ଭିଣ୍ଡାଗୋଡ଼ା
୧	୧୭୮	୬୫୦	୦.୦୬୦	୦.୦୩୦	ଶାରଦା-୨	ଆଟ	
୧	୧୭୮	୬୫୦	୦.୦୬୦	୦.୦୩୦	ଶାରଦା-୨	ଆଟ	
୧	୧୭୮	୬୫୦	୦.୦୬୦	୦.୦୩୦	ଶାରଦା-୨	ଆଟ	ପ୍ରଭାତ ନାଗ, ପି- ରାଜା ନାଗ, ସା- ଭିଣ୍ଡାଗୋଡ଼ା
୧	୧୭୮	୬୫୦	୦.୦୬୦	୦.୦୩୦	ଶାରଦା-୨	ଆଟ	
୧	୧୭୮	୬୫୦	୦.୦୬୦	୦.୦୩୦	ଶାରଦା-୨	ଆଟ	
୧	୧୭୮	୬୫୦	୦.୦୬୦	୦.୦୩୦	ଶାରଦା-୨	ଆଟ	ପ୍ରଭାତ ନାଗ, ପି- ରାଜା ନାଗ, ସା- ଭିଣ୍ଡାଗୋଡ଼ା
୧	୧୭୮	୬୫୦	୦.୦୬୦	୦.୦୩୦	ଶାରଦା-୨	ଆଟ	
୧	୧୭୮	୬୫୦	୦.୦୬୦	୦.୦୩୦	ଶାରଦା-୨	ଆଟ	
୧	୧୭୮	୬୫୦	୦.୦୬୦	୦.୦୩୦	ଶାରଦା-୨	ଆଟ	ପ୍ରଭାତ ନାଗ, ପି- ରାଜା ନାଗ, ସା- ଭିଣ୍ଡାଗୋଡ଼ା
୧	୧୭୮	୬୫୦	୦.୦୬୦	୦.୦୩୦	ଶାରଦା-୨	ଆଟ	
୧	୧୭୮	୬୫୦	୦.୦୬୦	୦.୦୩୦	ଶାରଦା-୨	ଆଟ	
୧	୧୭୮	୬୫୦	୦.୦୬୦	୦.୦୩୦	ଶାରଦା-୨	ଆଟ	ପ୍ରଭାତ ନାଗ, ପି- ରାଜା ନାଗ, ସା- ଭିଣ୍ଡାଗୋଡ଼ା
୧	୧୭୮	୬୫୦	୦.୦୬୦	୦.୦୩୦	ଶାରଦା-୨	ଆଟ	
୧	୧୭୮	୬୫୦	୦.୦୬୦	୦.୦୩୦	ଶାରଦା-୨	ଆଟ	
୧	୧୭୮	୬୫୦	୦.୦୬୦	୦.୦୩୦	ଶାରଦା-୨	ଆଟ	ପ୍ରଭାତ ନାଗ, ପି- ରାଜା ନାଗ, ସା- ଭିଣ୍ଡାଗୋଡ଼ା
୧	୧୭୮	୬୫୦	୦.୦୬୦	୦.୦୩୦	ଶାରଦା-୨	ଆଟ	
୧	୧୭୮	୬୫୦	୦.୦୬୦	୦.୦୩୦	ଶାରଦା-୨	ଆଟ	
୧	୧୭୮	୬୫୦	୦.୦୬୦	୦.୦୩୦	ଶାରଦା-୨	ଆଟ	ପ୍ରଭାତ ନାଗ, ପି- ରାଜା ନାଗ, ସା- ଭିଣ୍ଡାଗୋଡ଼ା
୧	୧୭୮	୬୫୦	୦.୦୬୦	୦.୦୩୦	ଶାରଦା-୨	ଆଟ	
୧	୧୭୮	୬୫୦	୦.୦୬୦	୦.୦୩୦	ଶାରଦା-୨	ଆଟ	
୧	୧୭୮	୬୫୦	୦.୦୬୦	୦.୦୩୦	ଶାରଦା-୨	ଆଟ	ପ୍ରଭାତ ନାଗ, ପି- ରାଜା ନାଗ, ସା- ଭିଣ୍ଡାଗୋଡ଼ା
୧	୧୭୮	୬୫୦	୦.୦୬୦	୦.୦୩୦	ଶାରଦା-୨	ଆଟ	
୧	୧୭୮	୬୫୦	୦.୦୬୦	୦.୦୩୦	ଶାରଦା-୨	ଆଟ	
୧	୧୭୮	୬୫୦	୦.୦୬୦	୦.୦୩୦	ଶାରଦା-୨	ଆଟ	ପ୍ରଭାତ ନାଗ, ପି- ରାଜା ନାଗ, ସା- ଭିଣ୍ଡାଗୋଡ଼ା
୧	୧୭୮	୬୫୦	୦.୦୬୦	୦.୦୩୦	ଶାରଦା-୨	ଆଟ	
୧	୧୭୮	୬୫୦	୦.୦୬୦	୦.୦୩୦	ଶାରଦା-୨	ଆଟ	
୧	୧୭୮	୬୫୦	୦.୦୬୦	୦.୦୩୦	ଶାରଦା-୨	ଆଟ	ପ୍ରଭାତ ନାଗ, ପି- ରାଜା ନାଗ, ସା- ଭିଣ୍ଡାଗୋଡ଼ା
୧	୧୭୮	୬୫୦	୦.୦୬୦	୦.୦୩୦	ଶାରଦା-୨	ଆଟ	
୧	୧୭୮	୬୫୦	୦.୦୬୦	୦.୦୩୦	ଶାରଦା-୨	ଆଟ	
୧	୧୭୮	୬୫୦	୦.୦୬୦	୦.୦୩୦	ଶାରଦା-୨	ଆଟ	ପ୍ରଭାତ ନାଗ, ପି- ରାଜା ନାଗ, ସା- ଭିଣ୍ଡାଗୋଡ଼ା
୧	୧୭୮	୬୫୦	୦.୦୬୦	୦.୦୩୦	ଶାରଦା-୨	ଆଟ	
୧	୧୭୮	୬୫୦	୦.୦୬୦	୦.୦୩୦	ଶାରଦା-୨	ଆଟ	
୧	୧୭୮	୬୫୦	୦.୦୬୦	୦.୦୩୦	ଶାରଦା-୨	ଆଟ	ପ୍ରଭାତ ନାଗ, ପି- ରାଜା ନାଗ, ସା- ଭିଣ୍ଡାଗୋଡ଼ା
୧	୧୭୮	୬୫୦	୦.୦୬୦	୦.୦୩୦	ଶାରଦା-୨	ଆଟ	
୧	୧୭୮	୬୫୦	୦.୦୬୦	୦.୦୩୦	ଶାରଦା-୨	ଆଟ	
୧	୧୭୮	୬୫୦	୦.୦୬୦	୦.୦୩୦	ଶାରଦା-୨	ଆଟ	ପ୍ରଭାତ ନାଗ, ପି- ରାଜା ନାଗ, ସା- ଭିଣ୍ଡାଗୋଡ଼ା
୧	୧୭୮	୬୫୦	୦.୦୬୦	୦.୦୩୦	ଶାରଦା-୨	ଆଟ	
୧	୧୭୮	୬୫୦	୦.୦୬୦	୦.୦୩୦	ଶାରଦା-୨	ଆଟ	
୧	୧୭୮	୬୫୦	୦.୦୬୦	୦.୦୩୦	ଶାରଦା-୨	ଆଟ	ପ୍ରଭାତ ନାଗ, ପି- ରାଜା ନାଗ, ସା- ଭିଣ୍ଡାଗୋଡ଼ା
୧	୧୭୮	୬୫୦	୦.୦୬୦	୦.୦୩୦	ଶାରଦା-୨	ଆଟ	
୧	୧୭୮	୬୫୦	୦.୦୬୦	୦.୦୩୦	ଶାରଦା-୨	ଆଟ	
୧	୧୭୮	୬୫୦	୦.୦୬୦	୦.୦୩୦	ଶାରଦା-୨	ଆଟ	ପ୍ରଭାତ ନାଗ, ପି- ରାଜା ନାଗ, ସା- ଭିଣ୍ଡାଗୋଡ଼ା
୧	୧୭୮	୬୫୦	୦.୦୬୦	୦.୦୩୦	ଶାରଦା-୨	ଆଟ	
୧	୧୭୮	୬୫୦	୦.୦୬୦	୦.୦୩୦	ଶାରଦା-୨	ଆଟ	
୧	୧୭୮	୬୫୦	୦.୦୬୦	୦.୦୩୦	ଶାରଦା-୨	ଆଟ	ପ୍ରଭାତ ନାଗ, ପି- ରାଜା ନାଗ, ସା- ଭିଣ୍ଡାଗୋଡ଼ା
୧	୧୭୮	୬୫୦	୦.୦୬୦	୦.୦୩୦	ଶାରଦା-୨	ଆଟ	
୧	୧୭୮	୬୫୦	୦.୦୬୦	୦.୦୩୦	ଶାରଦା-୨	ଆଟ	
୧	୧୭୮	୬୫୦	୦.୦୬୦	୦.୦୩୦	ଶାରଦା-୨	ଆଟ	ପ୍ରଭାତ ନାଗ, ପି- ରାଜା ନାଗ, ସା- ଭିଣ୍ଡାଗୋଡ଼ା
୧	୧୭୮	୬୫୦	୦.୦୬୦	୦.୦୩୦	ଶାରଦା-୨	ଆଟ	
୧	୧୭୮	୬୫୦	୦.୦୬୦	୦.୦୩୦	ଶାରଦା-୨	ଆଟ	
୧	୧୭୮	୬୫୦	୦.୦୬୦	୦.୦୩୦	ଶାରଦା-୨	ଆଟ	ପ୍ରଭାତ ନାଗ, ପି- ରାଜା ନାଗ, ସା- ଭିଣ୍ଡାଗୋଡ଼ା
୧	୧୭୮	୬୫୦	୦.୦୬୦	୦.୦୩୦	ଶାରଦା-୨	ଆଟ	
୧	୧୭୮	୬୫୦	୦.୦୬୦	୦.୦୩୦	ଶାରଦା-୨	ଆଟ	
୧	୧୭୮	୬୫୦	୦.୦୬୦	୦.୦୩୦	ଶାରଦା-୨	ଆଟ	ପ୍ରଭାତ ନାଗ, ପି- ରାଜା ନାଗ, ସା- ଭିଣ୍ଡାଗୋଡ଼ା
୧	୧୭୮	୬୫୦	୦.୦୬୦	୦.୦୩୦	ଶାରଦା-୨	ଆଟ	
୧	୧୭୮	୬୫୦	୦.୦୬୦	୦.୦୩୦	ଶାରଦା-୨	ଆଟ	
୧	୧୭୮	୬୫୦	୦.୦୬୦	୦.୦୩୦	ଶାରଦା-୨	ଆଟ	ପ୍ରଭାତ ନାଗ, ପି- ରାଜା ନାଗ, ସା- ଭିଣ୍ଡାଗୋଡ଼ା
୧	୧୭୮	୬୫୦	୦.୦୬୦	୦.୦୩୦	ଶାରଦା-୨	ଆଟ	
୧	୧୭୮	୬୫୦	୦.୦୬୦	୦.୦୩୦	ଶାରଦା-୨	ଆଟ	
୧	୧୭୮	୬୫୦	୦.୦୬୦	୦.୦୩୦	ଶାରଦା-୨	ଆଟ	ପ୍ରଭାତ ନାଗ, ପି- ରାଜା ନାଗ, ସା- ଭିଣ୍ଡାଗୋଡ଼ା
୧	୧୭୮	୬୫୦	୦.୦୬୦	୦.୦୩୦	ଶାରଦା-୨	ଆଟ	
୧	୧୭୮	୬୫୦	୦.୦୬୦	୦.୦୩୦	ଶାରଦା-୨	ଆଟ	
୧	୧୭୮	୬୫୦	୦.୦୬୦	୦.୦୩୦	ଶାରଦା-୨	ଆଟ	ପ୍ରଭାତ ନାଗ, ପି- ରାଜା ନାଗ, ସା- ଭିଣ୍ଡାଗୋଡ଼ା
୧	୧୭୮	୬୫୦	୦.୦୬୦	୦.୦୩୦	ଶାରଦା-୨	ଆଟ	
୧	୧୭୮	୬୫୦	୦.୦୬୦	୦.୦୩୦	ଶାରଦା-୨	ଆଟ	
୧	୧୭୮	୬୫୦	୦.୦୬୦	୦.୦୩୦	ଶାରଦା-୨	ଆଟ	ପ୍ରଭାତ ନାଗ, ପି- ରାଜା ନାଗ, ସା- ଭିଣ୍ଡାଗୋଡ଼ା
୧	୧୭୮	୬୫୦	୦.୦୬୦	୦.୦୩୦	ଶାରଦା-୨	ଆଟ	
୧	୧୭୮	୬୫୦	୦.୦୬୦	୦.୦୩୦	ଶାରଦା-୨	ଆଟ	
୧	୧୭୮	୬୫୦	୦.୦୬୦	୦.୦୩୦	ଶାରଦା-୨	ଆଟ	ପ୍ରଭାତ ନାଗ, ପି- ରାଜା ନାଗ, ସା- ଭିଣ୍ଡାଗୋଡ଼ା
୧	୧୭୮	୬୫୦	୦.୦୬୦	୦.୦୩୦	ଶାରଦା-୨	ଆଟ	
୧	୧୭୮	୬୫୦	୦.୦୬୦	୦.୦୩୦	ଶାରଦା-୨	ଆଟ	
୧	୧୭୮	୬୫୦	୦.୦୬୦	୦.୦୩୦	ଶାରଦା-୨	ଆଟ	ପ୍ରଭାତ ନାଗ, ପି- ରାଜା ନାଗ, ସା- ଭିଣ୍ଡାଗୋଡ଼ା
୧	୧୭୮	୬୫୦	୦.୦୬୦	୦.୦୩୦	ଶାରଦା-୨	ଆଟ	
୧	୧୭୮	୬୫୦	୦.୦୬୦	୦.୦୩୦	ଶାରଦା-୨	ଆଟ	
୧	୧୭୮	୬୫୦	୦.୦୬୦	୦.୦୩୦	ଶାରଦା-୨	ଆଟ	ପ୍ରଭାତ ନାଗ, ପି- ରାଜା ନାଗ, ସା- ଭିଣ୍ଡାଗୋଡ଼ା
୧	୧୭୮	୬୫୦	୦.୦୬୦	୦.୦୩୦	ଶାରଦା-୨	ଆଟ	
୧	୧୭୮	୬୫୦	୦.୦୬୦	୦.୦୩୦	ଶାରଦା-୨	ଆଟ	
୧	୧୭୮	୬୫୦	୦.୦୬୦	୦.୦୩୦	ଶାରଦା-୨	ଆଟ	ପ୍ରଭାତ ନାଗ, ପି- ରାଜା ନାଗ, ସା- ଭିଣ୍ଡାଗୋଡ଼ା
୧	୧୭୮	୬୫୦	୦.୦୬୦	୦.୦୩୦	ଶାରଦା-୨	ଆଟ	
୧	୧୭୮	୬୫୦	୦.୦୬୦	୦.୦୩୦	ଶାରଦା-୨	ଆଟ	
୧	୧୭୮	୬୫୦	୦.୦୬୦	୦.୦୩୦	ଶାରଦା-୨	ଆଟ	ପ୍ରଭାତ ନାଗ, ପି- ରାଜା ନାଗ, ସା- ଭିଣ୍ଡାଗୋଡ଼ା
୧	୧୭୮	୬୫୦	୦.୦୬୦	୦.୦୩୦	ଶାରଦା-୨	ଆଟ	
୧	୧୭୮	୬୫୦	୦.୦୬୦	୦.୦୩୦	ଶାରଦା-୨	ଆଟ	
୧	୧୭୮	୬୫୦	୦.୦୬୦	୦.୦୩୦	ଶାରଦା-୨	ଆଟ	ପ୍ରଭାତ ନାଗ, ପି- ରାଜା ନାଗ, ସା- ଭିଣ୍ଡାଗୋଡ଼ା
୧	୧୭୮	୬୫୦	୦.୦୬୦	୦.୦୩୦	ଶାରଦା-୨	ଆଟ	
୧	୧୭୮	୬୫୦	୦.୦୬୦	୦.୦୩୦	ଶାରଦା-୨	ଆଟ	
୧	୧୭୮	୬୫୦	୦.୦୬୦	୦.୦୩୦	ଶାରଦା-୨	ଆଟ	ପ୍ରଭାତ ନାଗ, ପି- ରାଜା ନାଗ, ସା- ଭିଣ୍ଡାଗୋଡ଼ା
୧	୧୭୮	୬୫୦	୦.୦୬୦	୦.୦୩୦	ଶାରଦା-୨	ଆଟ	
୧	୧୭୮	୬୫୦	୦.୦୬୦	୦.୦୩୦	ଶାରଦା-୨	ଆଟ	
୧	୧୭୮	୬୫୦	୦.୦୬୦	୦.୦୩୦	ଶାରଦା-୨	ଆଟ	ପ୍ରଭାତ ନାଗ, ପି- ରାଜା ନାଗ, ସା- ଭିଣ୍ଡାଗୋଡ଼ା
୧	୧୭୮	୬୫୦	୦.୦୬୦	୦.୦୩୦	ଶାରଦା-୨	ଆଟ	
ମୋଟ				୧୫.୦୨୦			
